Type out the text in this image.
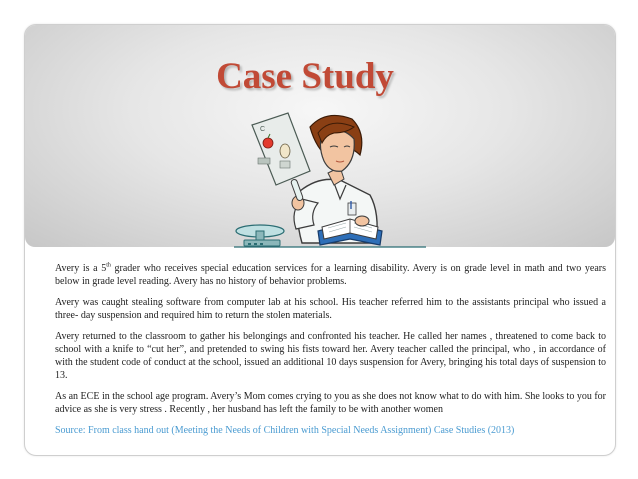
Case Study
C

Avery is a 5th grader who receives special education services for a learning disability. Avery is on grade level in math and two years below in grade level reading. Avery has no history of behavior problems.

Avery was caught stealing software from computer lab at his school. His teacher referred him to the assistants principal who issued a three- day suspension and required him to return the stolen materials.

Avery returned to the classroom to gather his belongings and confronted his teacher. He called her names , threatened to come back to school with a knife to “cut her”, and pretended to swing his fists toward her. Avery teacher called the principal, who , in accordance of with the student code of conduct at the school, issued an additional 10 days suspension for Avery, bringing his total days of suspension to 13.

As an ECE in the school age program. Avery’s Mom comes crying to you as she does not know what to do with him. She looks to you for advice as she is very stress . Recently , her husband has left the family to be with another women

Source: From class hand out (Meeting the Needs of Children with Special Needs Assignment) Case Studies (2013)
